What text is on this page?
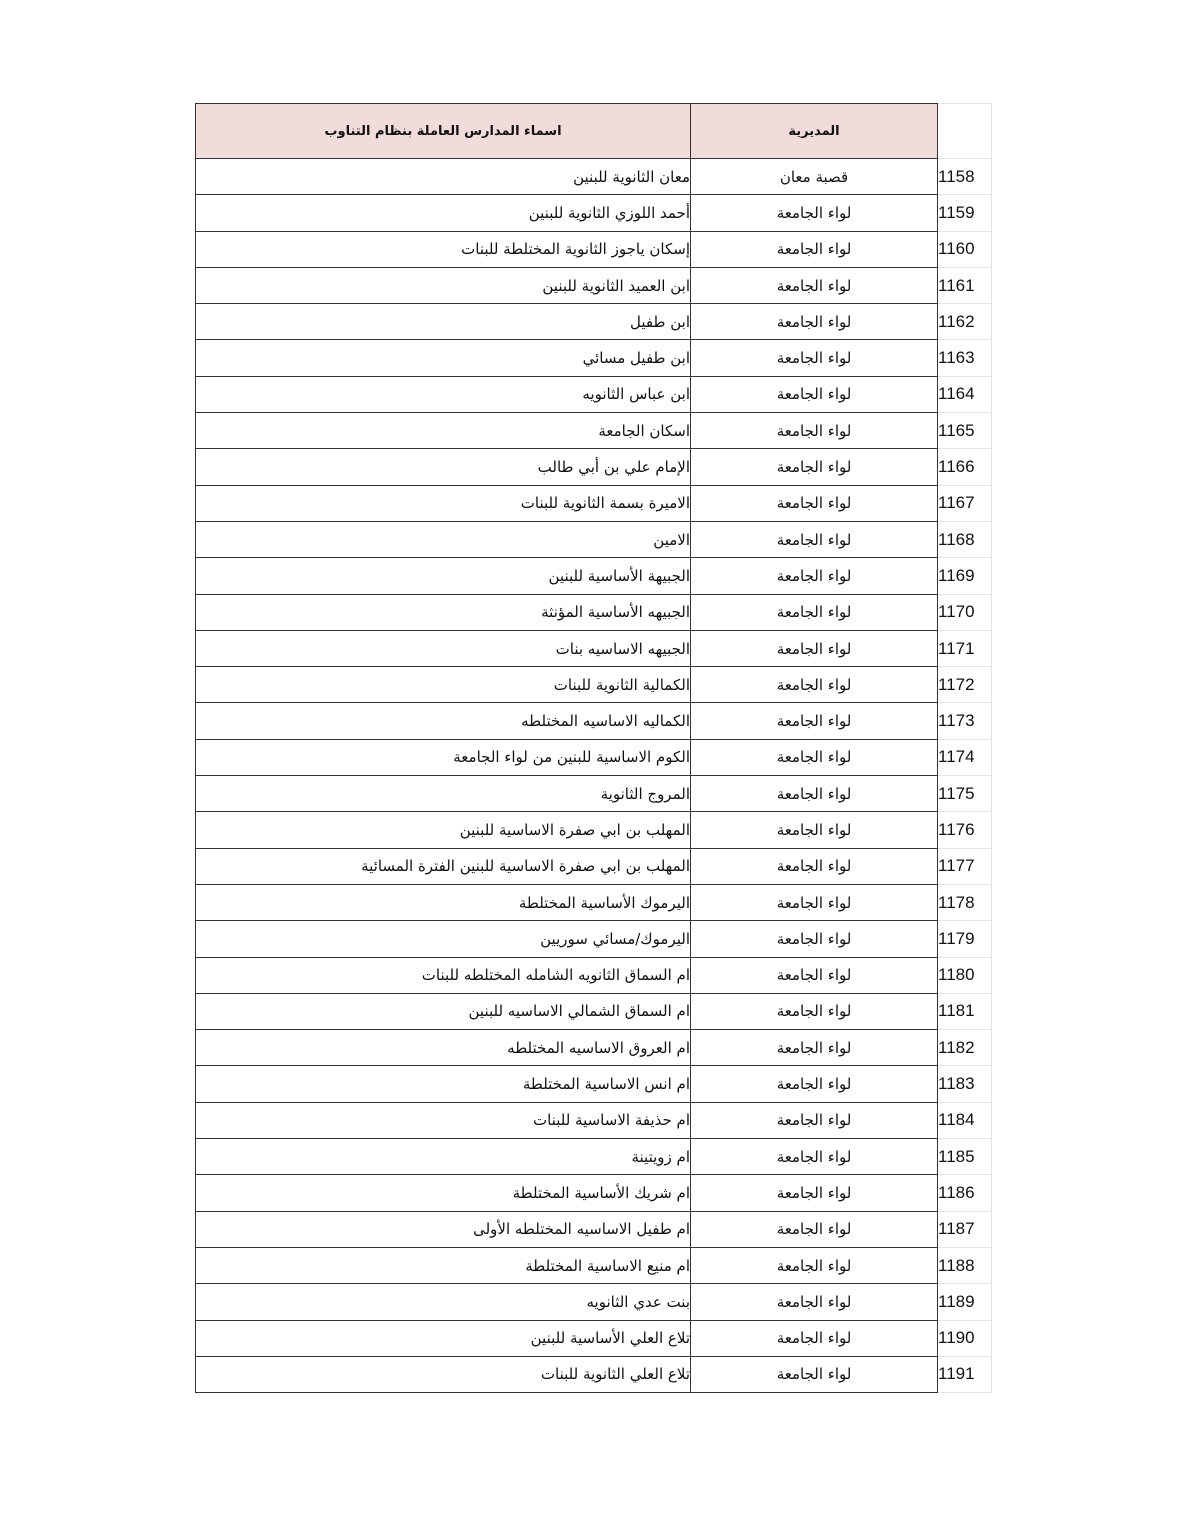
اسماء المدارس العاملة بنظام التناوب	المديرية	
معان الثانوية للبنين	قصبة معان	1158
أحمد اللوزي الثانوية للبنين	لواء الجامعة	1159
إسكان ياجوز الثانوية المختلطة للبنات	لواء الجامعة	1160
ابن العميد الثانوية للبنين	لواء الجامعة	1161
ابن طفيل	لواء الجامعة	1162
ابن طفيل مسائي	لواء الجامعة	1163
ابن عباس الثانويه	لواء الجامعة	1164
اسكان الجامعة	لواء الجامعة	1165
الإمام علي بن أبي طالب	لواء الجامعة	1166
الاميرة بسمة الثانوية للبنات	لواء الجامعة	1167
الامين	لواء الجامعة	1168
الجبيهة الأساسية للبنين	لواء الجامعة	1169
الجبيهه الأساسية المؤنثة	لواء الجامعة	1170
الجبيهه الاساسيه بنات	لواء الجامعة	1171
الكمالية الثانوية للبنات	لواء الجامعة	1172
الكماليه الاساسيه المختلطه	لواء الجامعة	1173
الكوم الاساسية للبنين من لواء الجامعة	لواء الجامعة	1174
المروج الثانوية	لواء الجامعة	1175
المهلب بن ابي صفرة الاساسية للبنين	لواء الجامعة	1176
المهلب بن ابي صفرة الاساسية للبنين الفترة المسائية	لواء الجامعة	1177
اليرموك الأساسية المختلطة	لواء الجامعة	1178
اليرموك/مسائي سوريين	لواء الجامعة	1179
ام السماق الثانويه الشامله المختلطه للبنات	لواء الجامعة	1180
ام السماق الشمالي الاساسيه للبنين	لواء الجامعة	1181
ام العروق الاساسيه المختلطه	لواء الجامعة	1182
ام انس الاساسية المختلطة	لواء الجامعة	1183
ام حذيفة الاساسية للبنات	لواء الجامعة	1184
ام زويتينة	لواء الجامعة	1185
ام شريك الأساسية المختلطة	لواء الجامعة	1186
ام طفيل الاساسيه المختلطه الأولى	لواء الجامعة	1187
ام منيع الاساسية المختلطة	لواء الجامعة	1188
بنت عدي الثانويه	لواء الجامعة	1189
تلاع العلي الأساسية للبنين	لواء الجامعة	1190
تلاع العلي الثانوية للبنات	لواء الجامعة	1191
